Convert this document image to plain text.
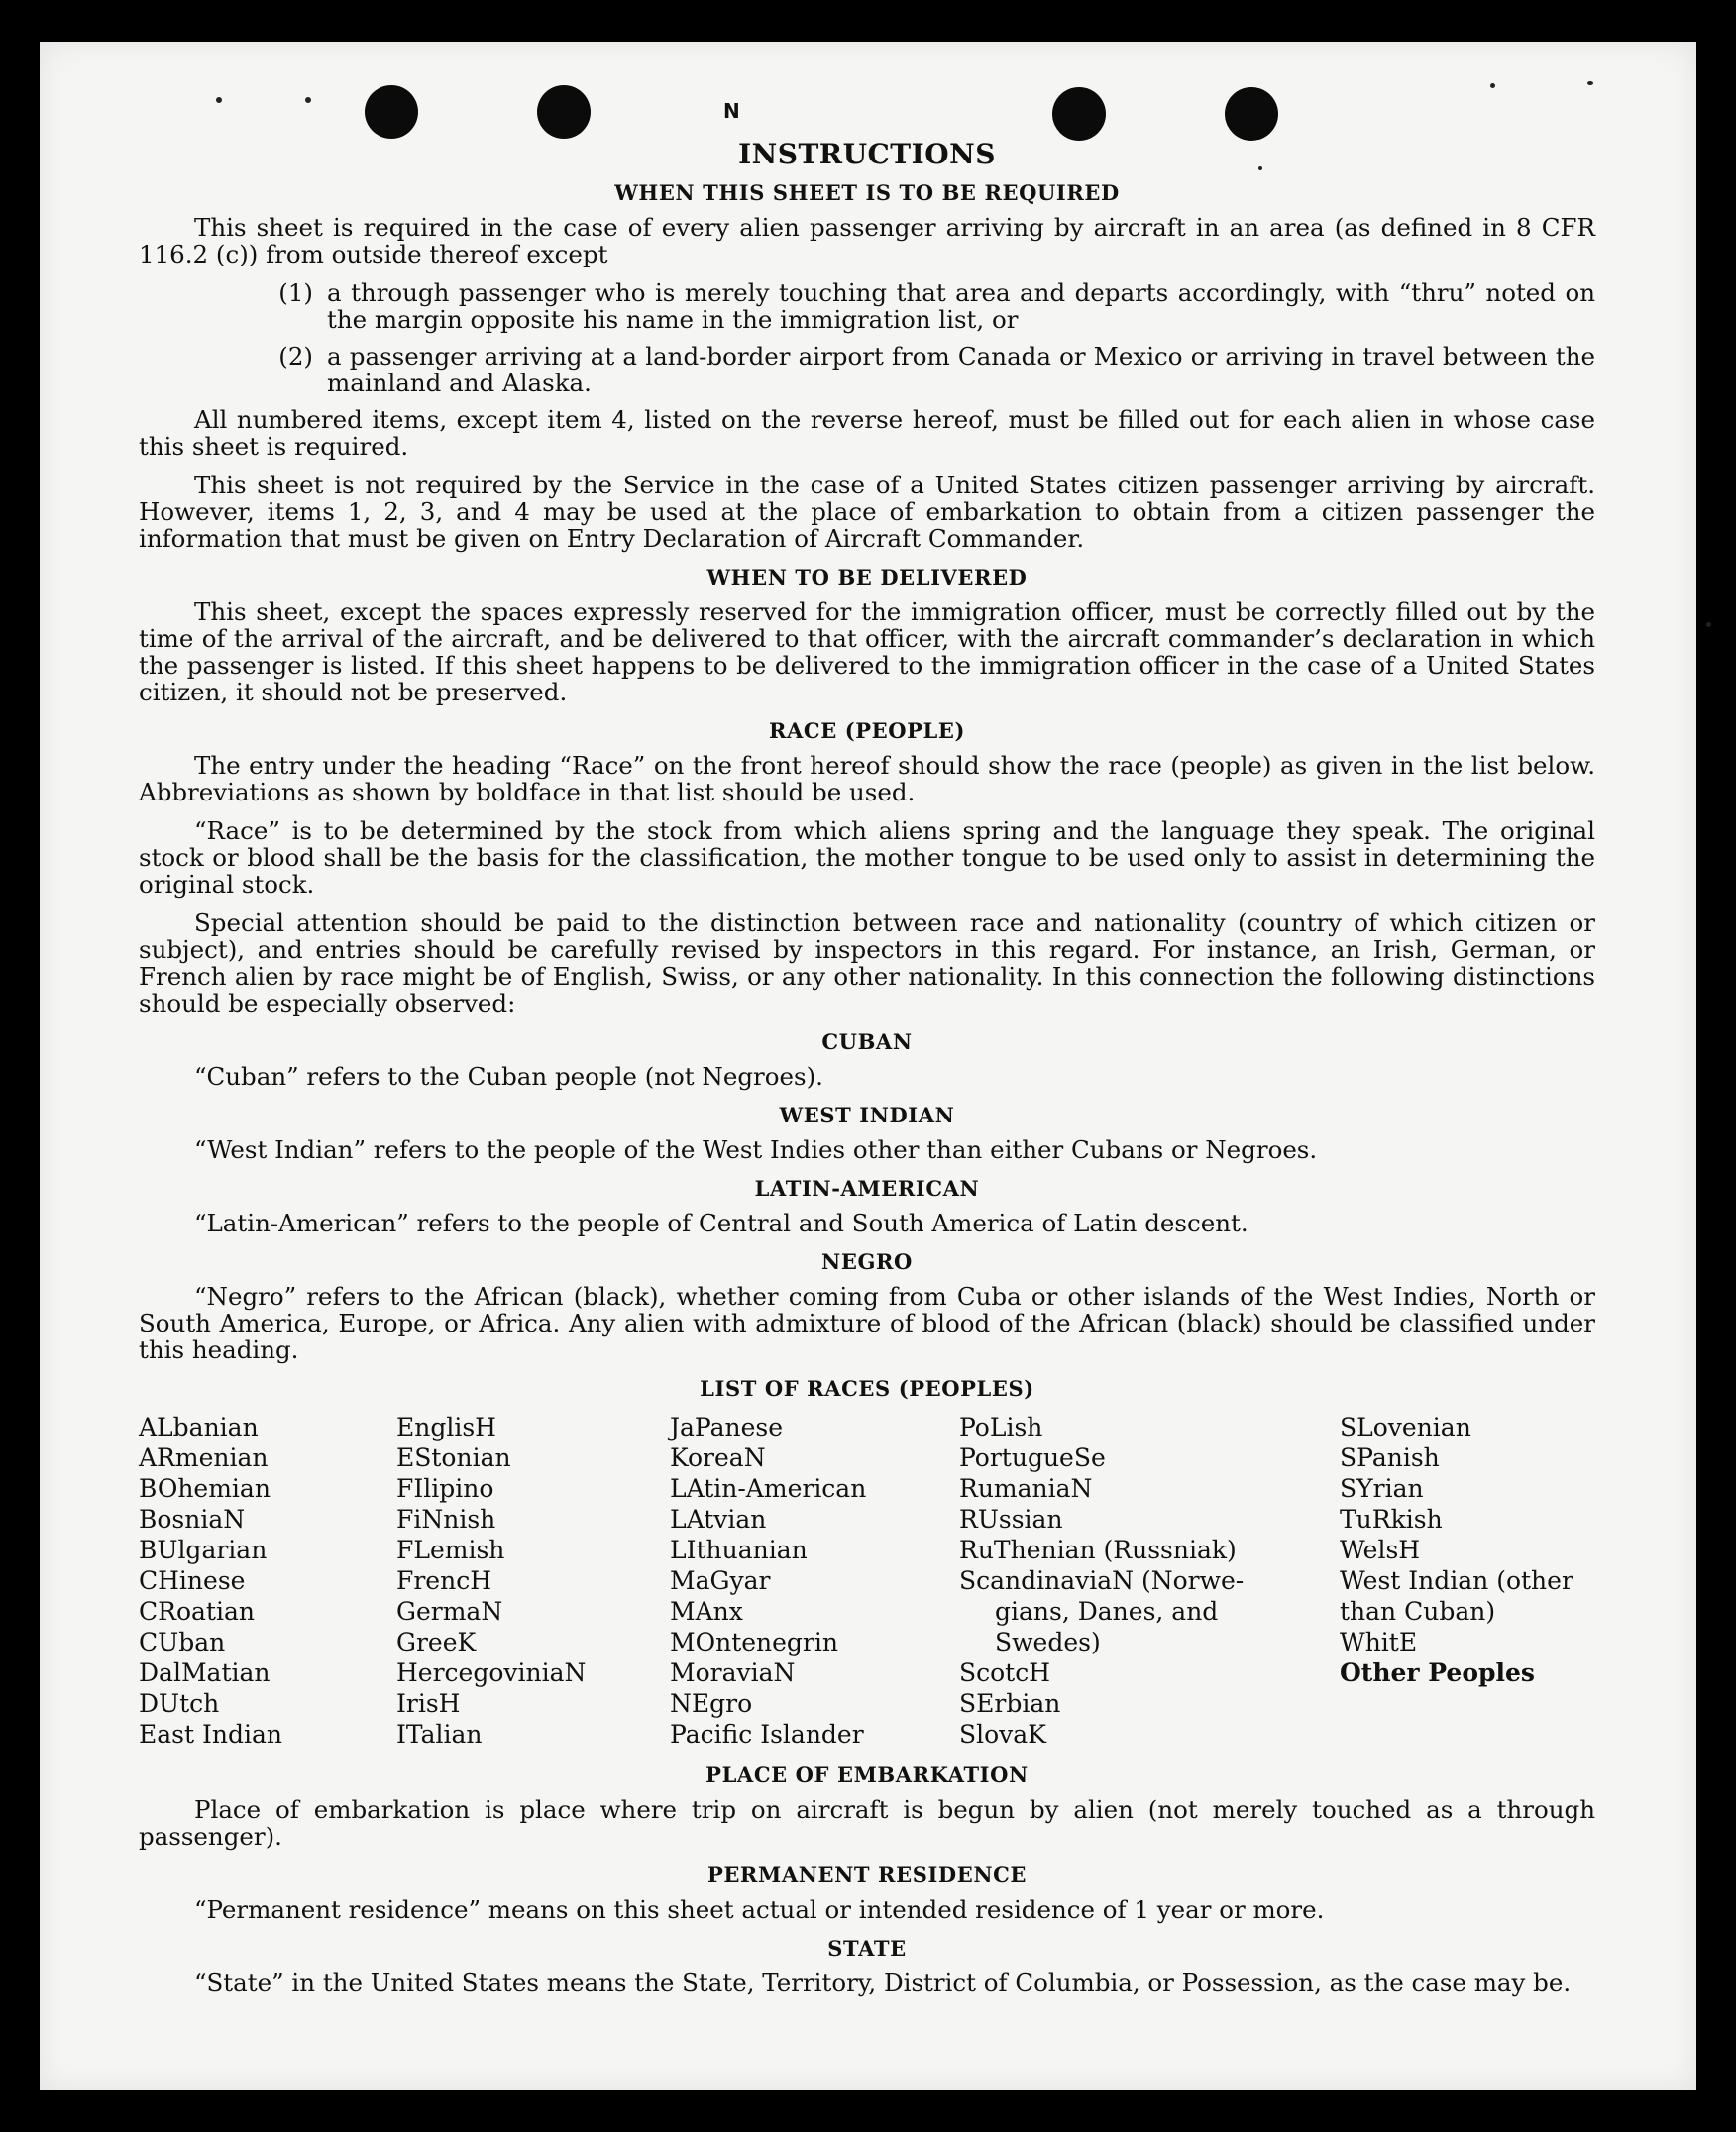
N
INSTRUCTIONS
WHEN THIS SHEET IS TO BE REQUIRED

This sheet is required in the case of every alien passenger arriving by aircraft in an area (as defined in 8 CFR 116.2 (c)) from outside thereof except

(1) a through passenger who is merely touching that area and departs accordingly, with “thru” noted on the margin opposite his name in the immigration list, or
(2) a passenger arriving at a land-border airport from Canada or Mexico or arriving in travel between the mainland and Alaska.

All numbered items, except item 4, listed on the reverse hereof, must be filled out for each alien in whose case this sheet is required.

This sheet is not required by the Service in the case of a United States citizen passenger arriving by aircraft. However, items 1, 2, 3, and 4 may be used at the place of embarkation to obtain from a citizen passenger the information that must be given on Entry Declaration of Aircraft Commander.

WHEN TO BE DELIVERED

This sheet, except the spaces expressly reserved for the immigration officer, must be correctly filled out by the time of the arrival of the aircraft, and be delivered to that officer, with the aircraft commander’s declaration in which the passenger is listed. If this sheet happens to be delivered to the immigration officer in the case of a United States citizen, it should not be preserved.

RACE (PEOPLE)

The entry under the heading “Race” on the front hereof should show the race (people) as given in the list below. Abbreviations as shown by boldface in that list should be used.

“Race” is to be determined by the stock from which aliens spring and the language they speak. The original stock or blood shall be the basis for the classification, the mother tongue to be used only to assist in determining the original stock.

Special attention should be paid to the distinction between race and nationality (country of which citizen or subject), and entries should be carefully revised by inspectors in this regard. For instance, an Irish, German, or French alien by race might be of English, Swiss, or any other nationality. In this connection the following distinctions should be especially observed:

CUBAN

“Cuban” refers to the Cuban people (not Negroes).

WEST INDIAN

“West Indian” refers to the people of the West Indies other than either Cubans or Negroes.

LATIN-AMERICAN

“Latin-American” refers to the people of Central and South America of Latin descent.

NEGRO

“Negro” refers to the African (black), whether coming from Cuba or other islands of the West Indies, North or South America, Europe, or Africa. Any alien with admixture of blood of the African (black) should be classified under this heading.

LIST OF RACES (PEOPLES)
ALbanian
ARmenian
BOhemian
BosniaN
BUlgarian
CHinese
CRoatian
CUban
DalMatian
DUtch
East Indian
EnglisH
EStonian
FIlipino
FiNnish
FLemish
FrencH
GermaN
GreeK
HercegoviniaN
IrisH
ITalian
JaPanese
KoreaN
LAtin-American
LAtvian
LIthuanian
MaGyar
MAnx
MOntenegrin
MoraviaN
NEgro
Pacific Islander
PoLish
PortugueSe
RumaniaN
RUssian
RuThenian (Russniak)
ScandinaviaN (Norwe-
gians, Danes, and
Swedes)
ScotcH
SErbian
SlovaK
SLovenian
SPanish
SYrian
TuRkish
WelsH
West Indian (other
than Cuban)
WhitE
Other Peoples
PLACE OF EMBARKATION

Place of embarkation is place where trip on aircraft is begun by alien (not merely touched as a through passenger).

PERMANENT RESIDENCE

“Permanent residence” means on this sheet actual or intended residence of 1 year or more.

STATE

“State” in the United States means the State, Territory, District of Columbia, or Possession, as the case may be.
